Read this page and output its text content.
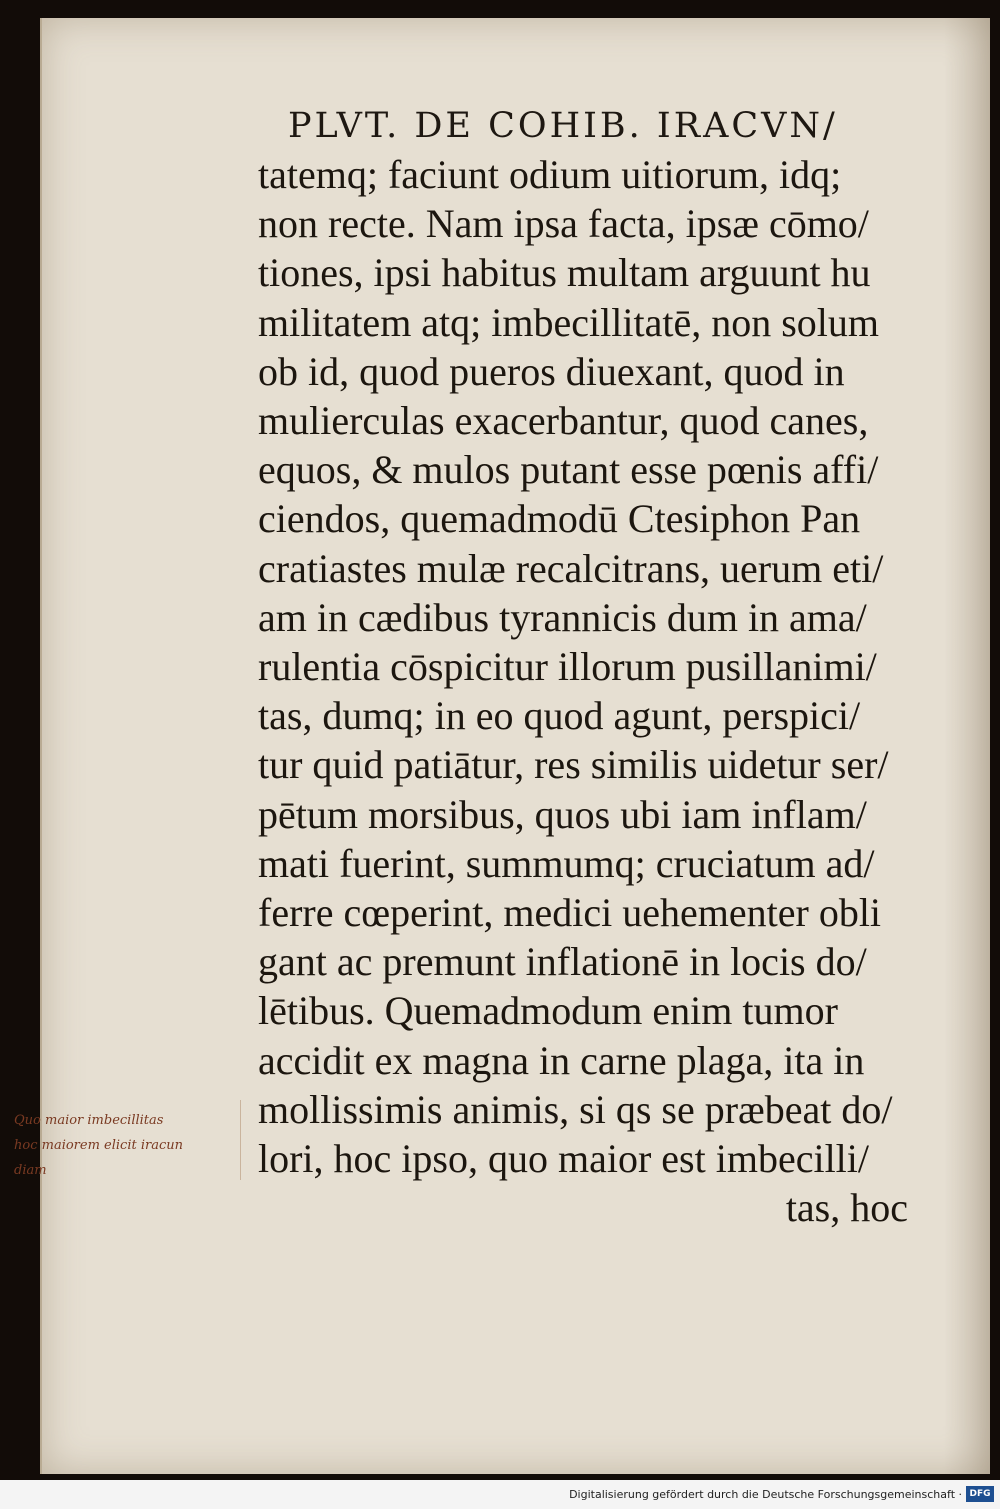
PLVT. DE COHIB. IRACVN/
tatemq; faciunt odium uitiorum, idq;
non recte. Nam ipsa facta, ipsæ cōmo/
tiones, ipsi habitus multam arguunt hu
militatem atq; imbecillitatē, non solum
ob id, quod pueros diuexant, quod in
mulierculas exacerbantur, quod canes,
equos, & mulos putant esse pœnis affi/
ciendos, quemadmodū Ctesiphon Pan
cratiastes mulæ recalcitrans, uerum eti/
am in cædibus tyrannicis dum in ama/
rulentia cōspicitur illorum pusillanimi/
tas, dumq; in eo quod agunt, perspici/
tur quid patiātur, res similis uidetur ser/
pētum morsibus, quos ubi iam inflam/
mati fuerint, summumq; cruciatum ad/
ferre cœperint, medici uehementer obli
gant ac premunt inflationē in locis do/
lētibus. Quemadmodum enim tumor
accidit ex magna in carne plaga, ita in
mollissimis animis, si qs se præbeat do/
lori, hoc ipso, quo maior est imbecilli/
tas, hoc
Quo maior imbecillitas
hoc maiorem elicit iracun
diam
Digitalisierung gefördert durch die Deutsche Forschungsgemeinschaft · DFG
